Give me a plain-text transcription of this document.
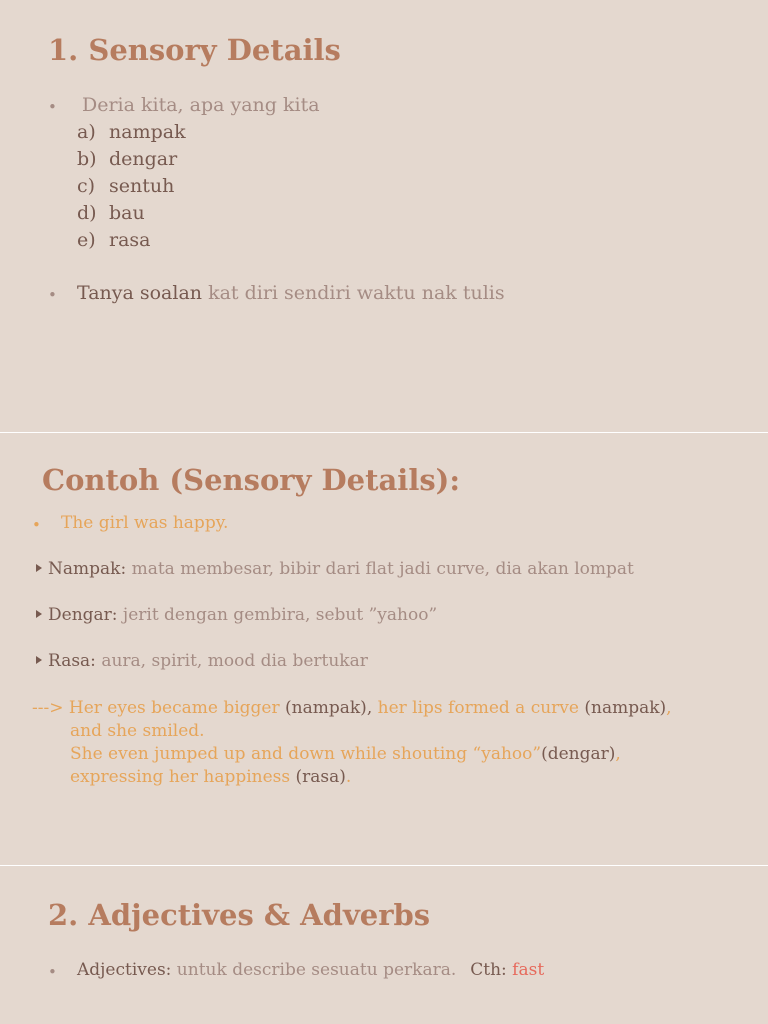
1. Sensory Details
• Deria kita, apa yang kita
a) nampak
b) dengar
c) sentuh
d) bau
e) rasa
• Tanya soalan kat diri sendiri waktu nak tulis
Contoh (Sensory Details):
• The girl was happy.
Nampak: mata membesar, bibir dari flat jadi curve, dia akan lompat
Dengar: jerit dengan gembira, sebut ”yahoo”
Rasa: aura, spirit, mood dia bertukar
---> Her eyes became bigger (nampak), her lips formed a curve (nampak),
and she smiled.
She even jumped up and down while shouting “yahoo”(dengar),
expressing her happiness (rasa).
2. Adjectives & Adverbs
• Adjectives: untuk describe sesuatu perkara. Cth: fast
